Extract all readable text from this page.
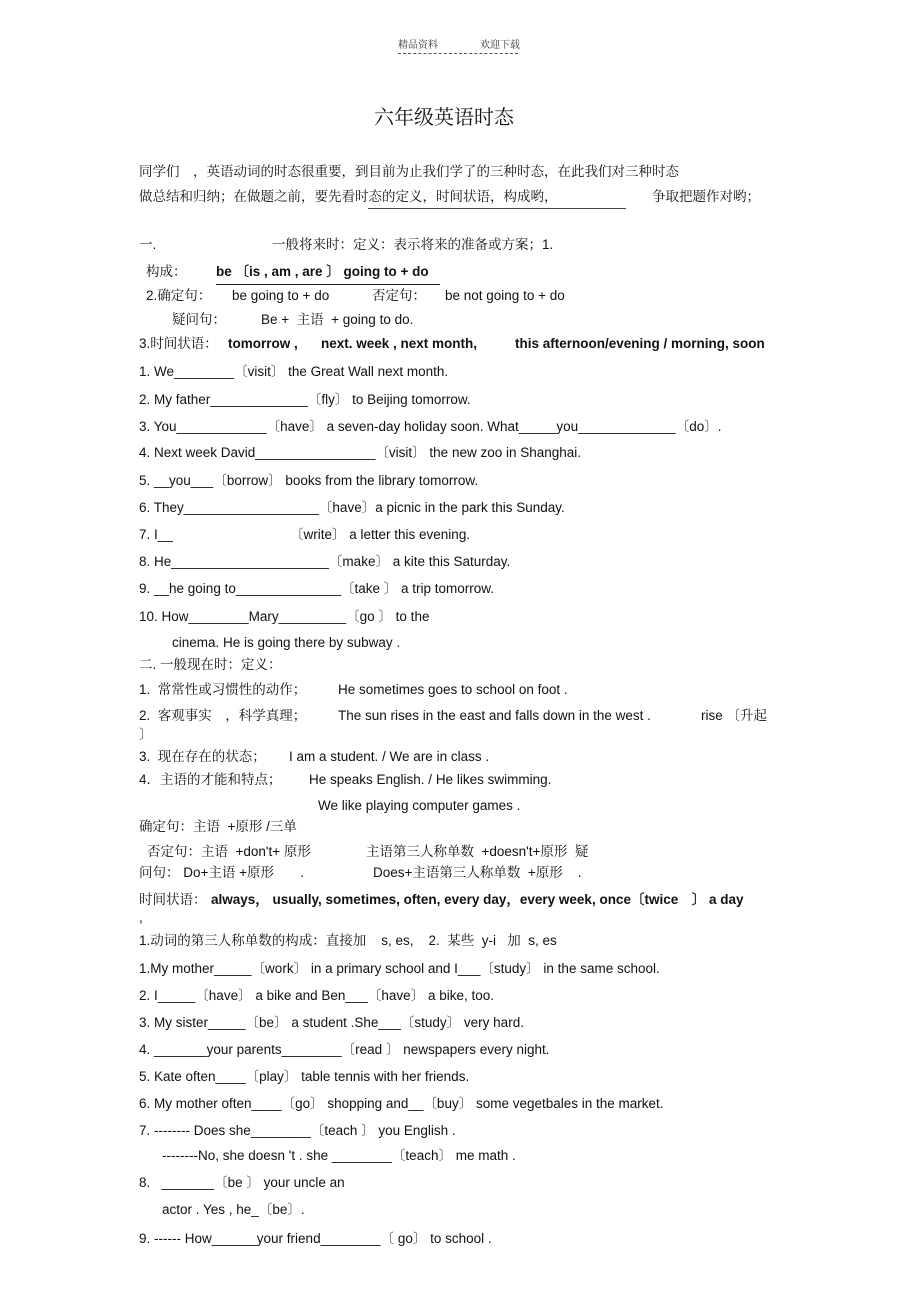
精品资料	欢迎下载
六年级英语时态
同学们　，英语动词的时态很重要，到目前为止我们学了的三种时态，在此我们对三种时态
做总结和归纳；在做题之前，要先看时态的定义，时间状语，构成哟，	争取把题作对哟；
一.	一般将来时：定义：表示将来的准备或方案；1.
构成： be 〔is , am , are 〕 going to + do
2.确定句： be going to + do	否定句： be not going to + do
疑问句：	Be +  主语  + going to do.
3.时间状语： tomorrow , next. week , next month,	this afternoon/evening / morning, soon
1. We________〔visit〕 the Great Wall next month.
2. My father_____________〔fly〕 to Beijing tomorrow.
3. You____________〔have〕 a seven-day holiday soon. What_____you_____________〔do〕.
4. Next week David________________〔visit〕 the new zoo in Shanghai.
5. __you___〔borrow〕 books from the library tomorrow.
6. They__________________〔have〕a picnic in the park this Sunday.
7. I__	〔write〕 a letter this evening.
8. He_____________________〔make〕 a kite this Saturday.
9. __he going to______________〔take 〕 a trip tomorrow.
10. How________Mary_________〔go 〕 to the
cinema. He is going there by subway .
二. 一般现在时：定义：
1.  常常性或习惯性的动作； He sometimes goes to school on foot .
2.  客观事实　，科学真理； The sun rises in the east and falls down in the west .	rise 〔升起
〕
3.  现在存在的状态； I am a student. / We are in class .
4．主语的才能和特点； He speaks English. / He likes swimming.
We like playing computer games .
确定句：主语  +原形 /三单
否定句：主语  +don't+ 原形	主语第三人称单数  +doesn't+原形  疑
问句： Do+主语 +原形       .	Does+主语第三人称单数  +原形    .
时间状语： always， usually, sometimes, often, every day，every week, once〔twice　〕 a day
,
1.动词的第三人称单数的构成：直接加    s, es,    2.  某些  y-i   加  s, es
1.My mother_____〔work〕 in a primary school and I___〔study〕 in the same school.
2. I_____〔have〕 a bike and Ben___〔have〕 a bike, too.
3. My sister_____〔be〕 a student .She___〔study〕 very hard.
4. _______your parents________〔read 〕 newspapers every night.
5. Kate often____〔play〕 table tennis with her friends.
6. My mother often____〔go〕 shopping and__〔buy〕 some vegetbales in the market.
7. -------- Does she________〔teach 〕 you English .
--------No, she doesn 't . she ________〔teach〕 me math .
8.   _______〔be 〕 your uncle an
actor . Yes , he_〔be〕.
9. ------ How______your friend________〔 go〕 to school .
